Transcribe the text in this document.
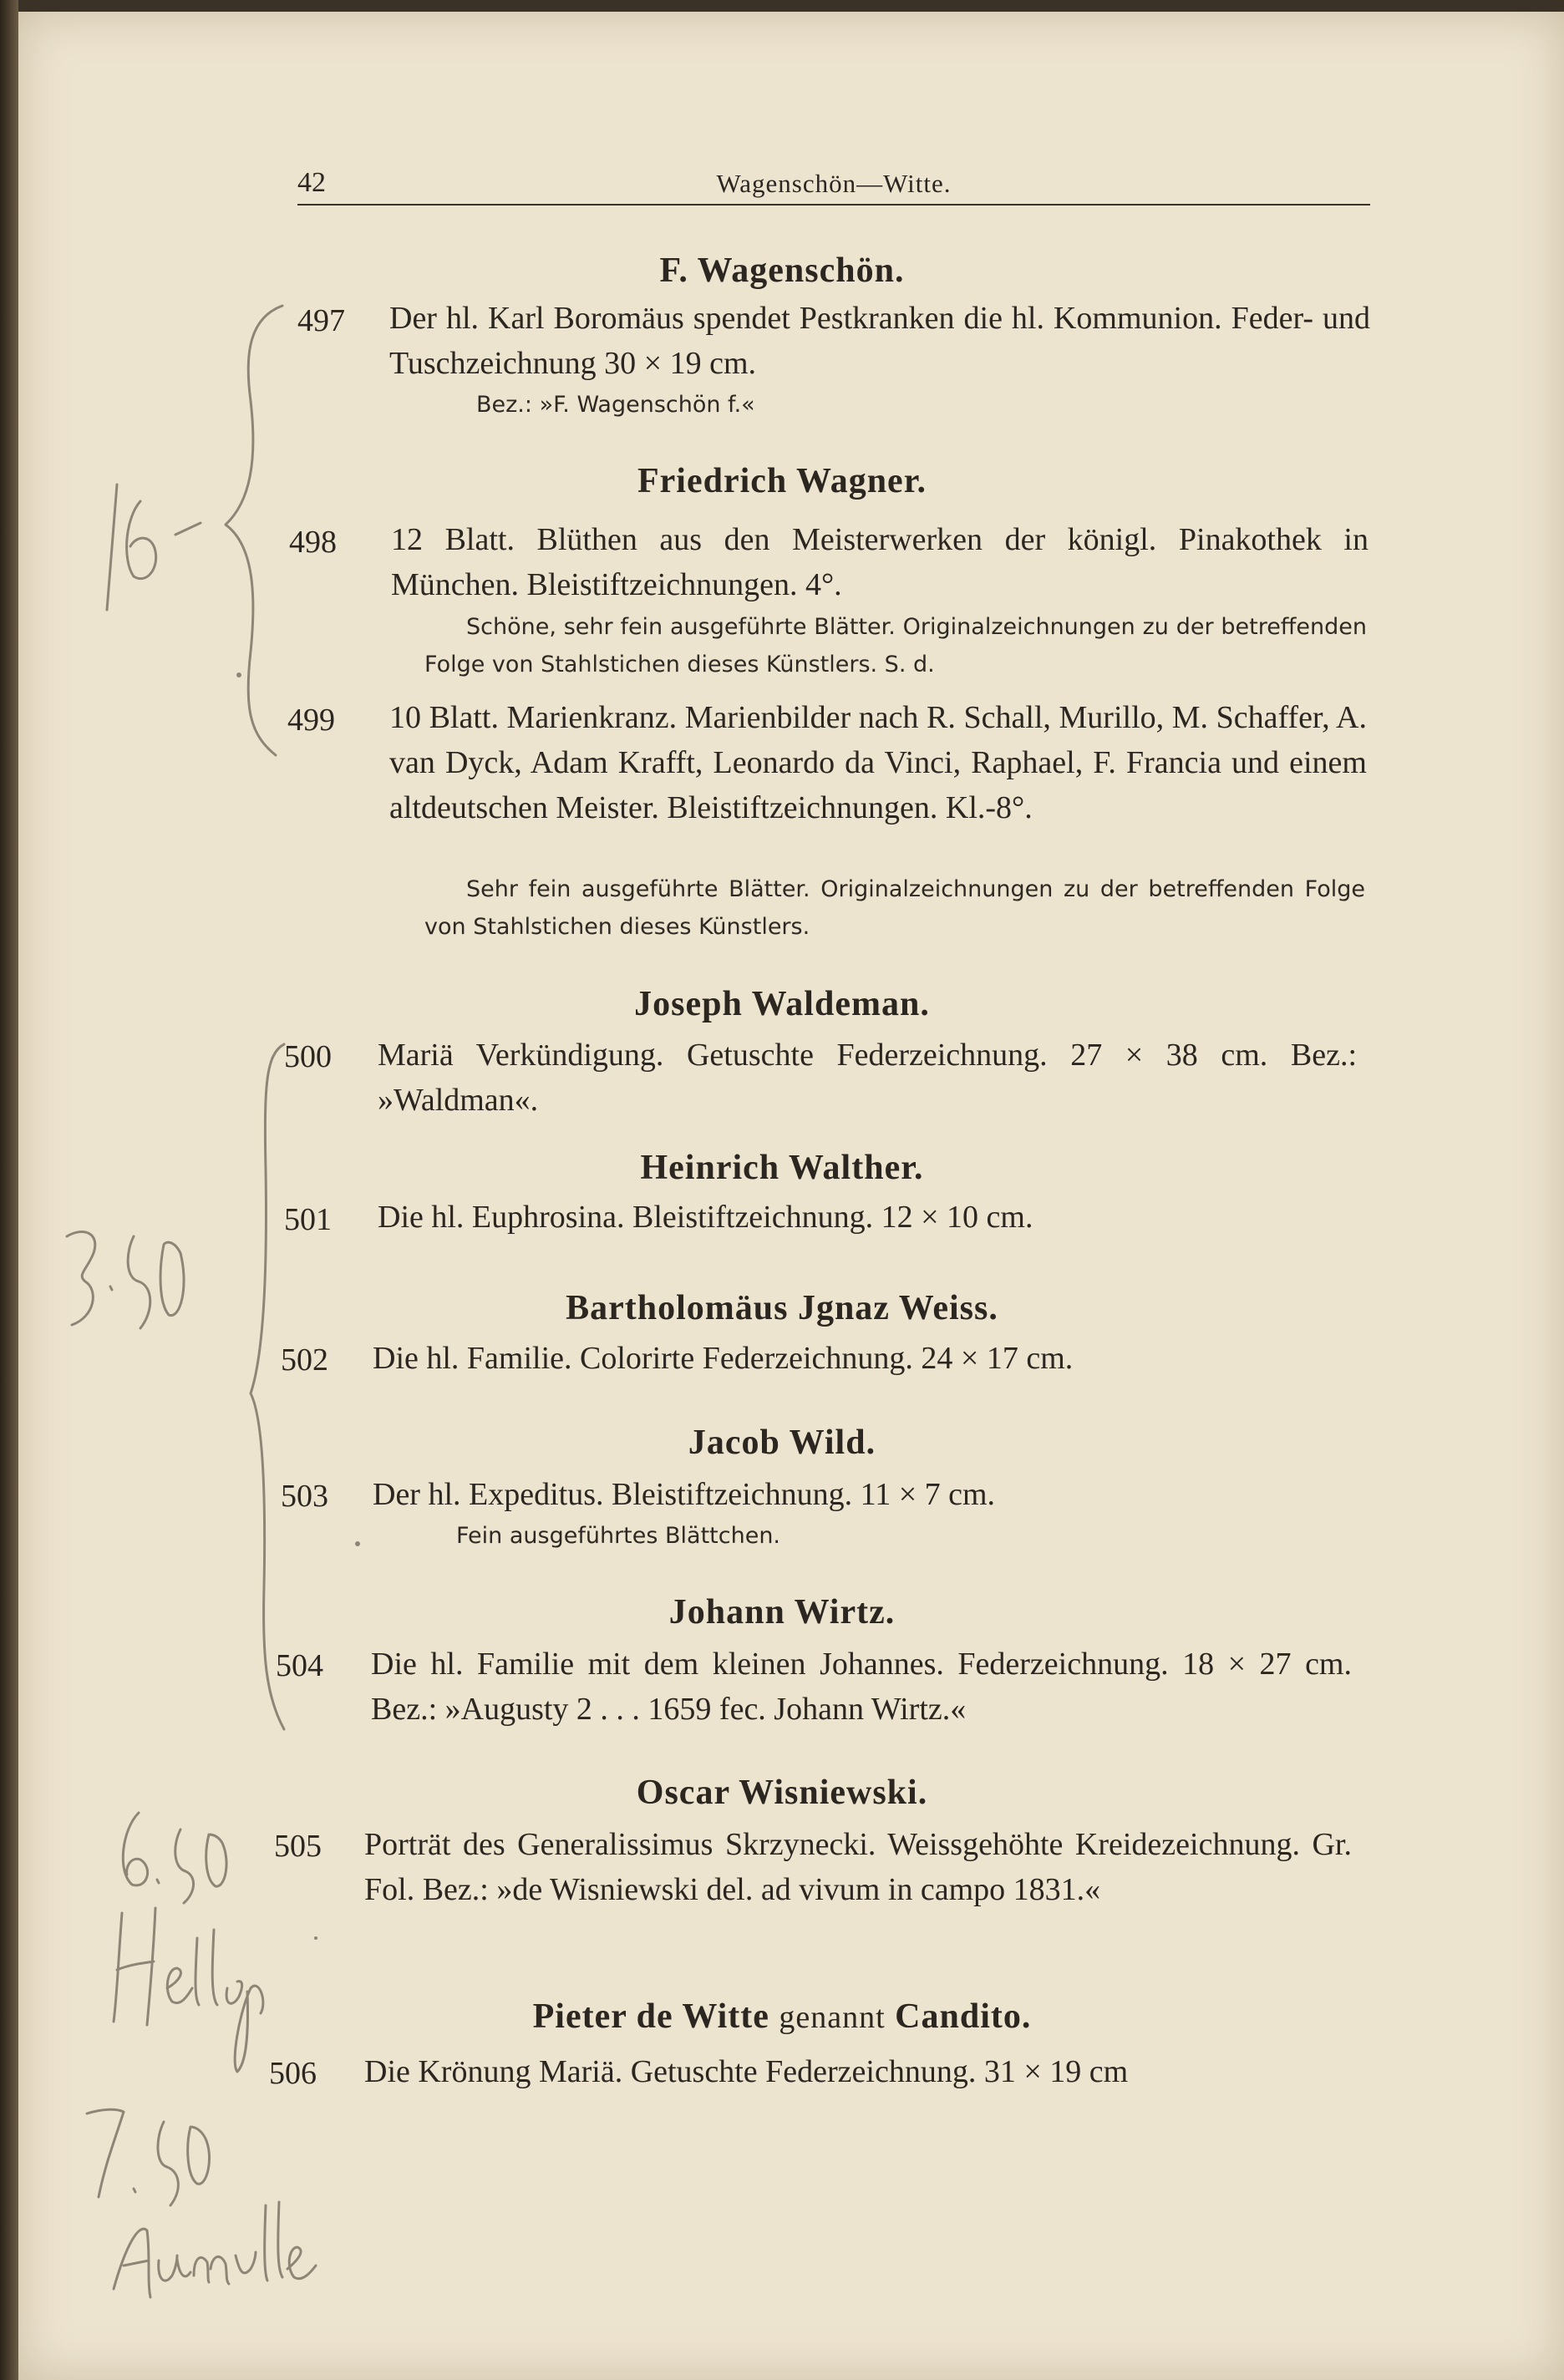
42	Wagenschön—Witte.
F. Wagenschön.
497 Der hl. Karl Boromäus spendet Pestkranken die hl. Kommunion. Feder- und Tuschzeichnung 30 × 19 cm.
Bez.: »F. Wagenschön f.«
Friedrich Wagner.
498 12 Blatt. Blüthen aus den Meisterwerken der königl. Pinakothek in München. Bleistiftzeichnungen. 4°.
Schöne, sehr fein ausgeführte Blätter. Originalzeichnungen zu der betreffenden Folge von Stahlstichen dieses Künstlers. S. d.
499 10 Blatt. Marienkranz. Marienbilder nach R. Schall, Murillo, M. Schaffer, A. van Dyck, Adam Krafft, Leonardo da Vinci, Raphael, F. Francia und einem altdeutschen Meister. Bleistiftzeichnungen. Kl.-8°.
Sehr fein ausgeführte Blätter. Originalzeichnungen zu der betreffenden Folge von Stahlstichen dieses Künstlers.
Joseph Waldeman.
500 Mariä Verkündigung. Getuschte Federzeichnung. 27 × 38 cm. Bez.: »Waldman«.
Heinrich Walther.
501 Die hl. Euphrosina. Bleistiftzeichnung. 12 × 10 cm.
Bartholomäus Jgnaz Weiss.
502 Die hl. Familie. Colorirte Federzeichnung. 24 × 17 cm.
Jacob Wild.
503 Der hl. Expeditus. Bleistiftzeichnung. 11 × 7 cm.
Fein ausgeführtes Blättchen.
Johann Wirtz.
504 Die hl. Familie mit dem kleinen Johannes. Federzeichnung. 18 × 27 cm. Bez.: »Augusty 2 . . . 1659 fec. Johann Wirtz.«
Oscar Wisniewski.
505 Porträt des Generalissimus Skrzynecki. Weissgehöhte Kreidezeichnung. Gr. Fol. Bez.: »de Wisniewski del. ad vivum in campo 1831.«
Pieter de Witte genannt Candito.
506 Die Krönung Mariä. Getuschte Federzeichnung. 31 × 19 cm
